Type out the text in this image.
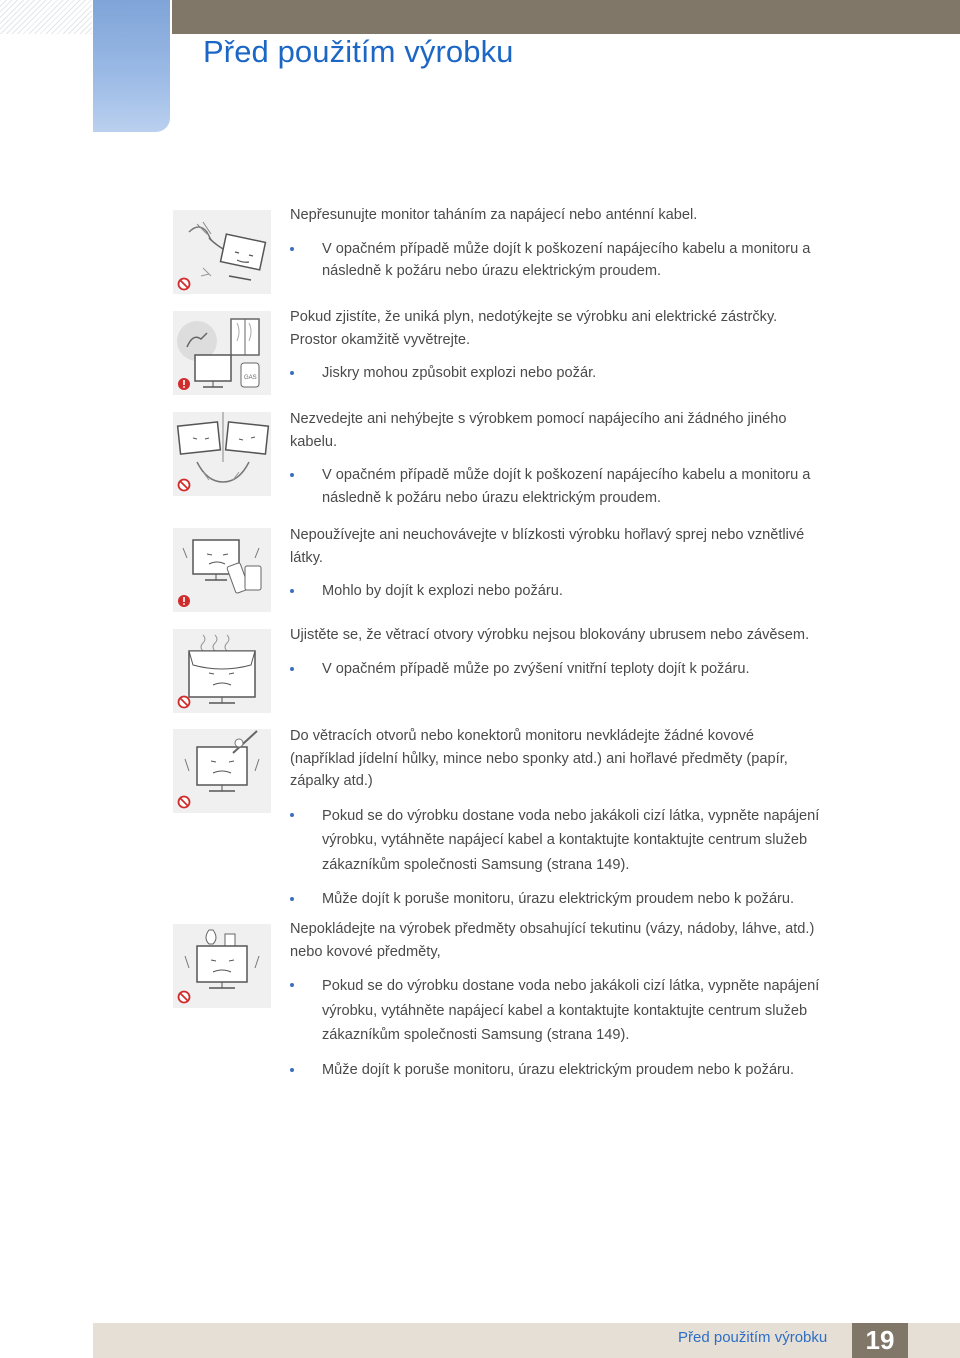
Před použitím výrobku

Nepřesunujte monitor taháním za napájecí nebo anténní kabel.

V opačném případě může dojít k poškození napájecího kabelu a monitoru a
následně k požáru nebo úrazu elektrickým proudem.

GAS

Pokud zjistíte, že uniká plyn, nedotýkejte se výrobku ani elektrické zástrčky.

Prostor okamžitě vyvětrejte.

Jiskry mohou způsobit explozi nebo požár.

Nezvedejte ani nehýbejte s výrobkem pomocí napájecího ani žádného jiného

kabelu.

V opačném případě může dojít k poškození napájecího kabelu a monitoru a
následně k požáru nebo úrazu elektrickým proudem.

Nepoužívejte ani neuchovávejte v blízkosti výrobku hořlavý sprej nebo vznětlivé

látky.

Mohlo by dojít k explozi nebo požáru.

Ujistěte se, že větrací otvory výrobku nejsou blokovány ubrusem nebo závěsem.

V opačném případě může po zvýšení vnitřní teploty dojít k požáru.

Do větracích otvorů nebo konektorů monitoru nevkládejte žádné kovové

(například jídelní hůlky, mince nebo sponky atd.) ani hořlavé předměty (papír,

zápalky atd.)

Pokud se do výrobku dostane voda nebo jakákoli cizí látka, vypněte napájení
výrobku, vytáhněte napájecí kabel a kontaktujte kontaktujte centrum služeb
zákazníkům společnosti Samsung (strana 149).

Může dojít k poruše monitoru, úrazu elektrickým proudem nebo k požáru.

Nepokládejte na výrobek předměty obsahující tekutinu (vázy, nádoby, láhve, atd.)

nebo kovové předměty,

Pokud se do výrobku dostane voda nebo jakákoli cizí látka, vypněte napájení
výrobku, vytáhněte napájecí kabel a kontaktujte kontaktujte centrum služeb
zákazníkům společnosti Samsung (strana 149).

Může dojít k poruše monitoru, úrazu elektrickým proudem nebo k požáru.

Před použitím výrobku	19
